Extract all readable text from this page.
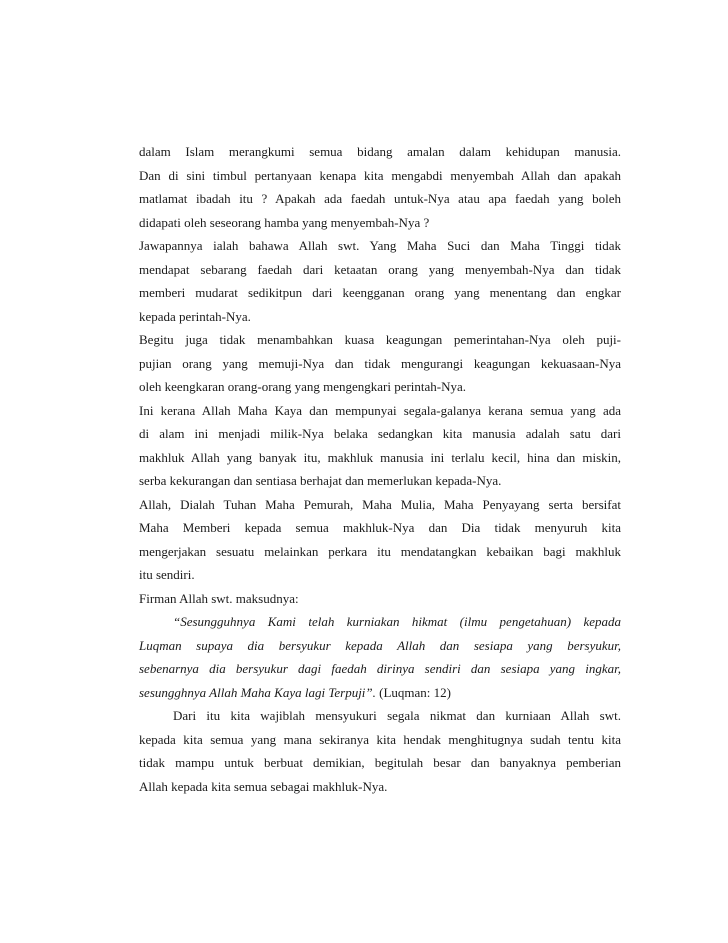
dalam Islam merangkumi semua bidang amalan dalam kehidupan manusia.
Dan di sini timbul pertanyaan kenapa kita mengabdi menyembah Allah dan apakah
matlamat ibadah itu ? Apakah ada faedah untuk-Nya atau apa faedah yang boleh
didapati oleh seseorang hamba yang menyembah-Nya ?
Jawapannya ialah bahawa Allah swt. Yang Maha Suci dan Maha Tinggi tidak
mendapat sebarang faedah dari ketaatan orang yang menyembah-Nya dan tidak
memberi mudarat sedikitpun dari keengganan orang yang menentang dan engkar
kepada perintah-Nya.
Begitu juga tidak menambahkan kuasa keagungan pemerintahan-Nya oleh puji-
pujian orang yang memuji-Nya dan tidak mengurangi keagungan kekuasaan-Nya
oleh keengkaran orang-orang yang mengengkari perintah-Nya.
Ini kerana Allah Maha Kaya dan mempunyai segala-galanya kerana semua yang ada
di alam ini menjadi milik-Nya belaka sedangkan kita manusia adalah satu dari
makhluk Allah yang banyak itu, makhluk manusia ini terlalu kecil, hina dan miskin,
serba kekurangan dan sentiasa berhajat dan memerlukan kepada-Nya.
Allah, Dialah Tuhan Maha Pemurah, Maha Mulia, Maha Penyayang serta bersifat
Maha Memberi kepada semua makhluk-Nya dan Dia tidak menyuruh kita
mengerjakan sesuatu melainkan perkara itu mendatangkan kebaikan bagi makhluk
itu sendiri.
Firman Allah swt. maksudnya:
“Sesungguhnya Kami telah kurniakan hikmat (ilmu pengetahuan) kepada
Luqman supaya dia bersyukur kepada Allah dan sesiapa yang bersyukur,
sebenarnya dia bersyukur dagi faedah dirinya sendiri dan sesiapa yang ingkar,
sesungghnya Allah Maha Kaya lagi Terpuji”. (Luqman: 12)
Dari itu kita wajiblah mensyukuri segala nikmat dan kurniaan Allah swt.
kepada kita semua yang mana sekiranya kita hendak menghitugnya sudah tentu kita
tidak mampu untuk berbuat demikian, begitulah besar dan banyaknya pemberian
Allah kepada kita semua sebagai makhluk-Nya.
